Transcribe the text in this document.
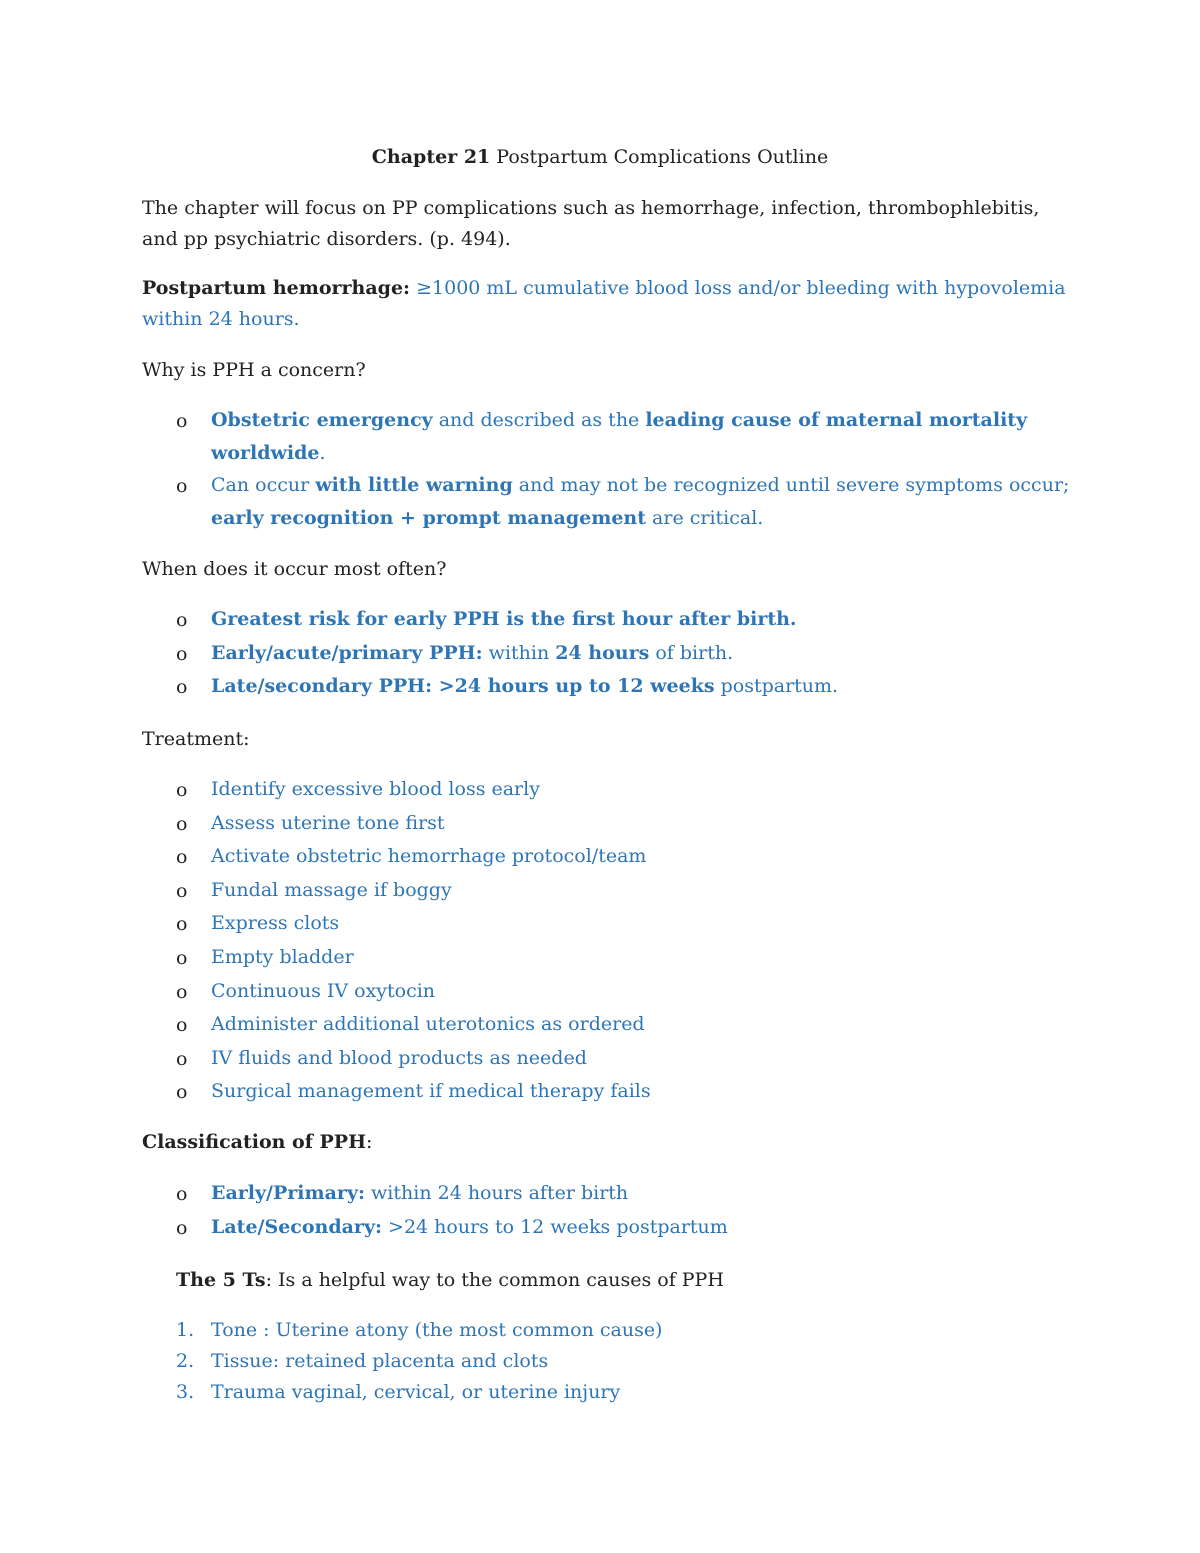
Chapter 21 Postpartum Complications Outline
The chapter will focus on PP complications such as hemorrhage, infection, thrombophlebitis, and pp psychiatric disorders. (p. 494).
Postpartum hemorrhage: ≥1000 mL cumulative blood loss and/or bleeding with hypovolemia within 24 hours.
Why is PPH a concern?
o Obstetric emergency and described as the leading cause of maternal mortality worldwide.
o Can occur with little warning and may not be recognized until severe symptoms occur; early recognition + prompt management are critical.
When does it occur most often?
o Greatest risk for early PPH is the first hour after birth.
o Early/acute/primary PPH: within 24 hours of birth.
o Late/secondary PPH: >24 hours up to 12 weeks postpartum.
Treatment:
o Identify excessive blood loss early
o Assess uterine tone first
o Activate obstetric hemorrhage protocol/team
o Fundal massage if boggy
o Express clots
o Empty bladder
o Continuous IV oxytocin
o Administer additional uterotonics as ordered
o IV fluids and blood products as needed
o Surgical management if medical therapy fails
Classification of PPH:
o Early/Primary: within 24 hours after birth
o Late/Secondary: >24 hours to 12 weeks postpartum
The 5 Ts: Is a helpful way to the common causes of PPH
1. Tone : Uterine atony (the most common cause)
2. Tissue: retained placenta and clots
3. Trauma vaginal, cervical, or uterine injury
